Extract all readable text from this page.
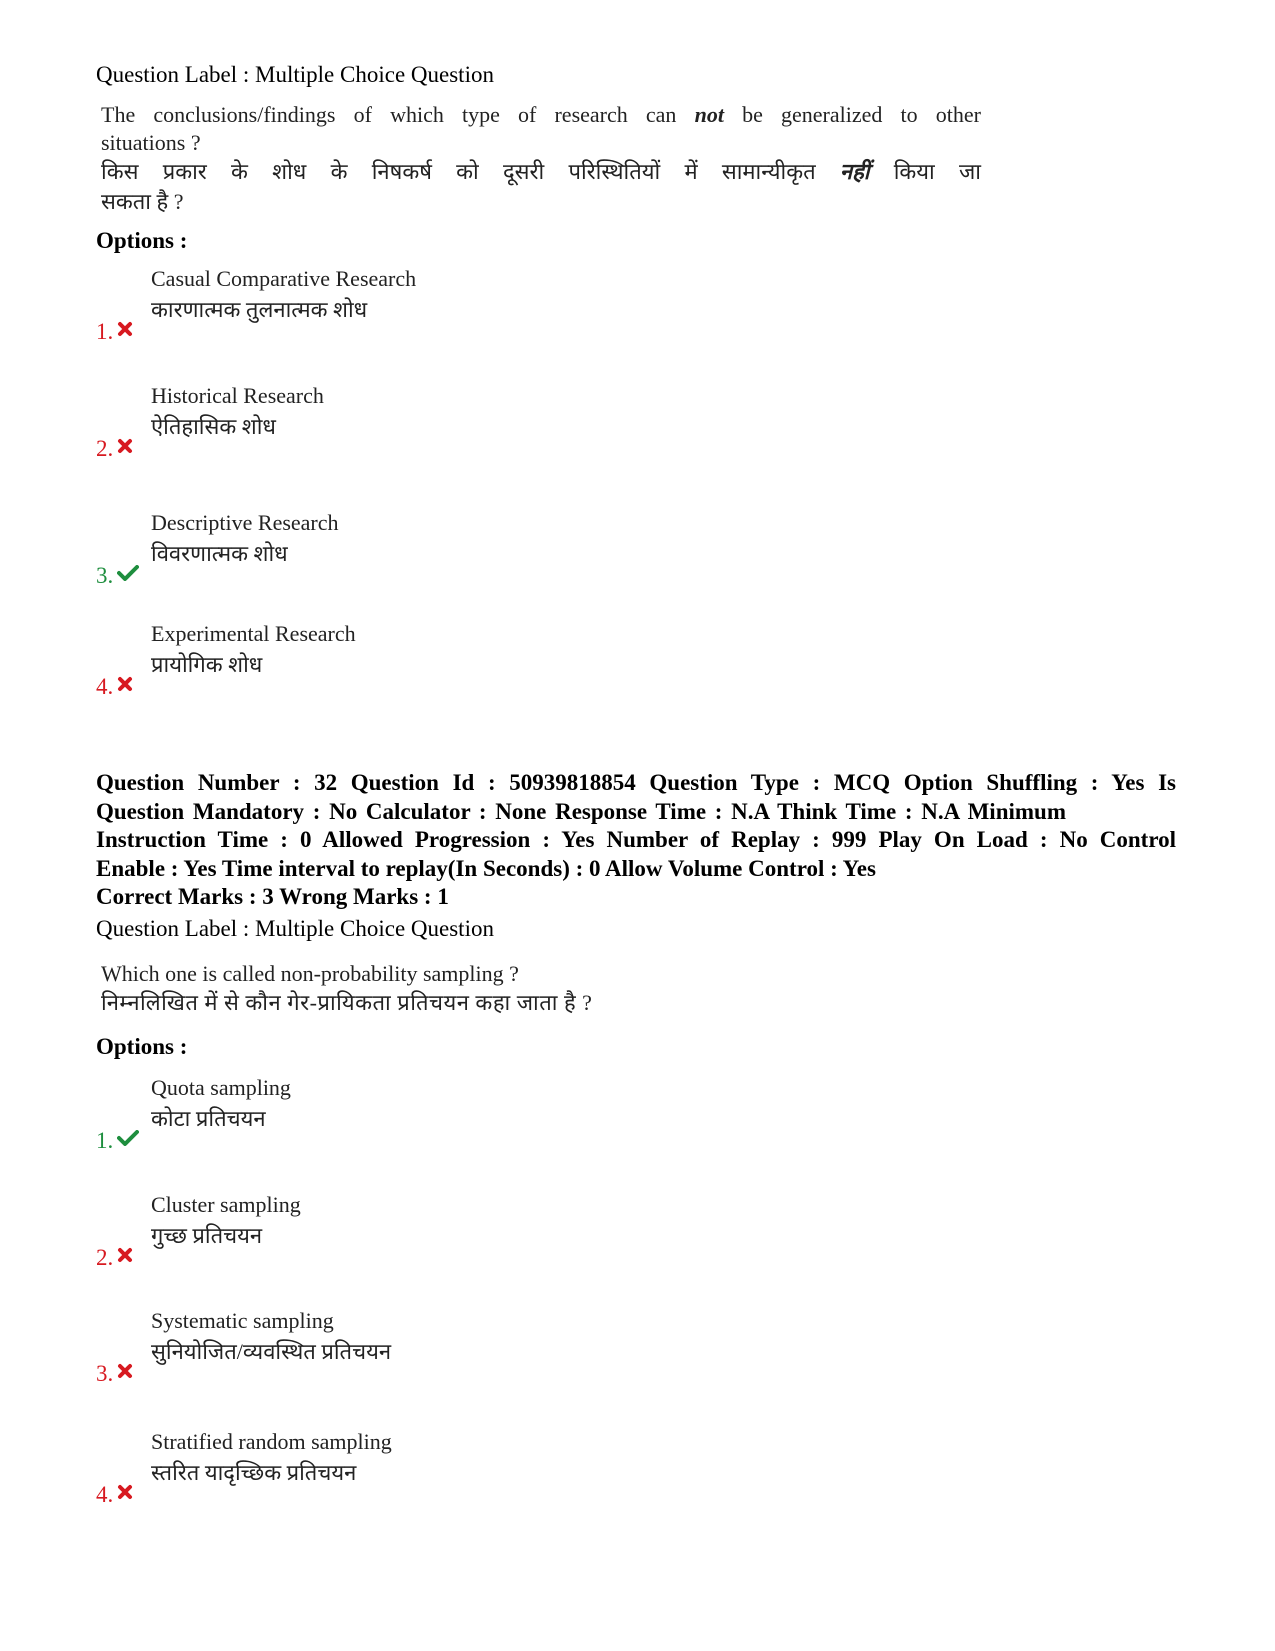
Question Label : Multiple Choice Question
The conclusions/findings of which type of research can not be generalized to other
situations ?
किस प्रकार के शोध के निषकर्ष को दूसरी परिस्थितियों में सामान्यीकृत नहीं किया जा
सकता है ?
Options :
Casual Comparative Research
कारणात्मक तुलनात्मक शोध
1.
Historical Research
ऐतिहासिक शोध
2.
Descriptive Research
विवरणात्मक शोध
3.
Experimental Research
प्रायोगिक शोध
4.
Question Number : 32 Question Id : 50939818854 Question Type : MCQ Option Shuffling : Yes Is
Question Mandatory : No Calculator : None Response Time : N.A Think Time : N.A Minimum
Instruction Time : 0 Allowed Progression : Yes Number of Replay : 999 Play On Load : No Control
Enable : Yes Time interval to replay(In Seconds) : 0 Allow Volume Control : Yes
Correct Marks : 3 Wrong Marks : 1
Question Label : Multiple Choice Question
Which one is called non-probability sampling ?
निम्नलिखित में से कौन गेर-प्रायिकता प्रतिचयन कहा जाता है ?
Options :
Quota sampling
कोटा प्रतिचयन
1.
Cluster sampling
गुच्छ प्रतिचयन
2.
Systematic sampling
सुनियोजित/व्यवस्थित प्रतिचयन
3.
Stratified random sampling
स्तरित यादृच्छिक प्रतिचयन
4.
